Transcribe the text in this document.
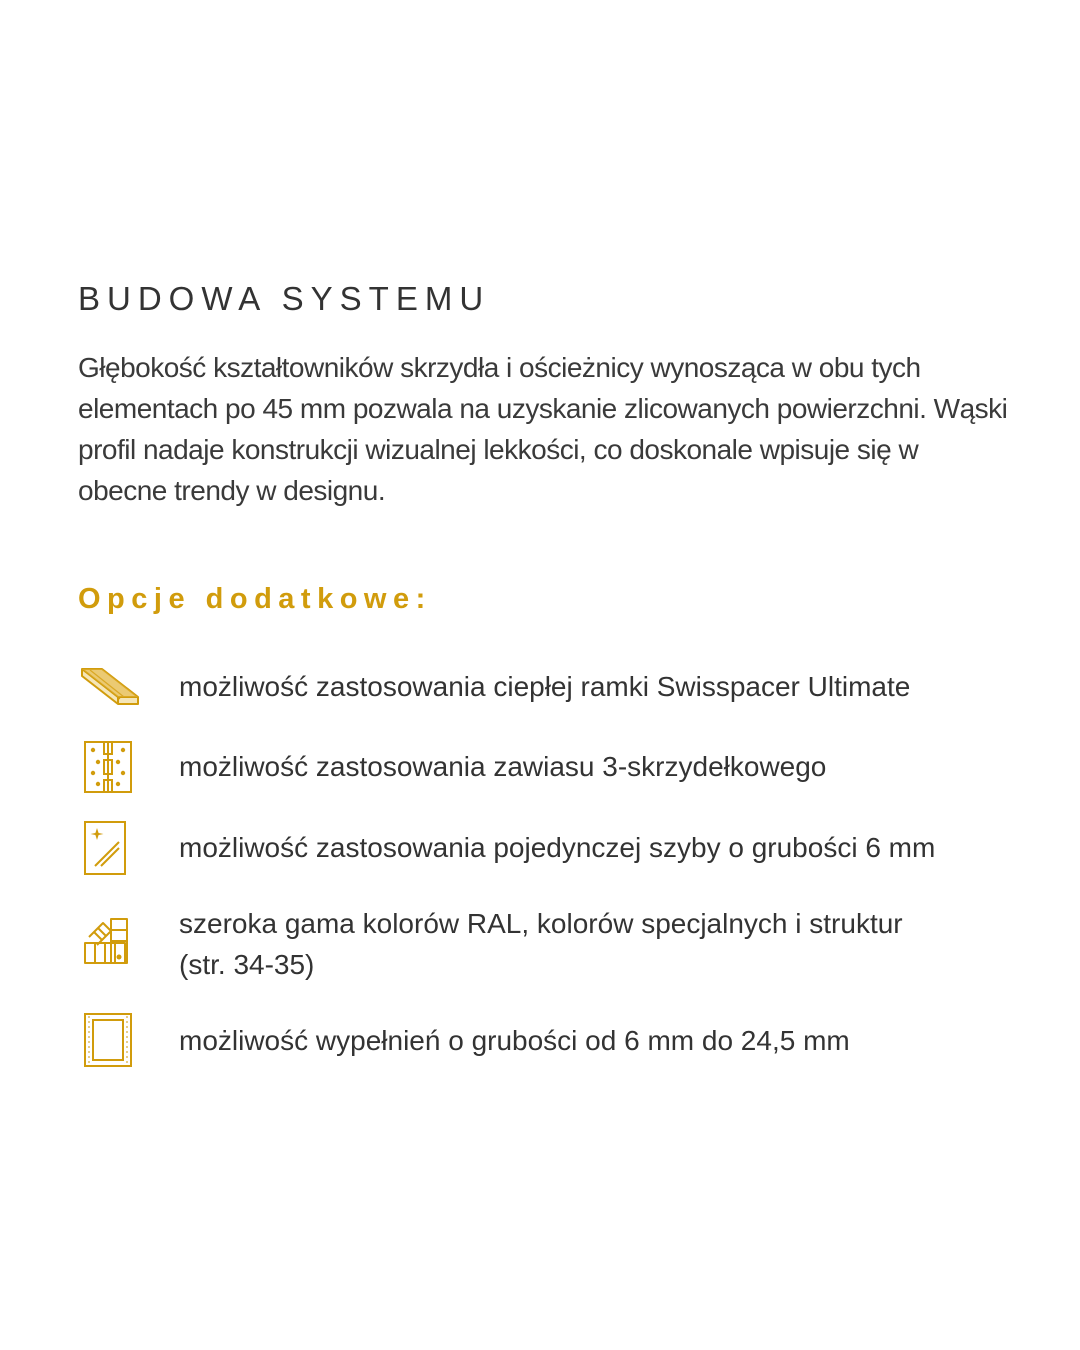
BUDOWA SYSTEMU

Głębokość kształtowników skrzydła i ościeżnicy wynosząca w obu tych elementach po 45 mm pozwala na uzyskanie zlicowanych powierzchni. Wąski profil nadaje konstrukcji wizualnej lekkości, co doskonale wpisuje się w obecne trendy w designu.

Opcje dodatkowe:
możliwość zastosowania ciepłej ramki Swisspacer Ultimate
możliwość zastosowania zawiasu 3-skrzydełkowego
możliwość zastosowania pojedynczej szyby o grubości 6 mm
szeroka gama kolorów RAL, kolorów specjalnych i struktur
(str. 34-35)
możliwość wypełnień o grubości od 6 mm do 24,5 mm
